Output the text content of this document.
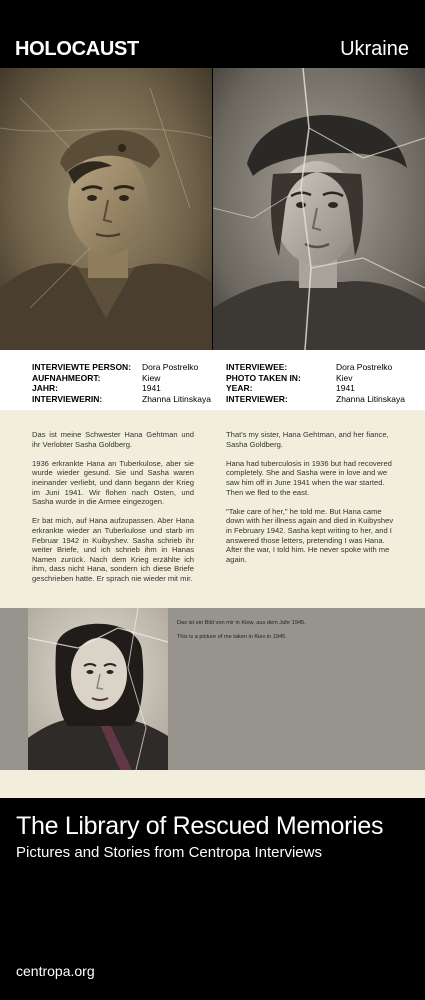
HOLOCAUST	Ukraine
INTERVIEWTE PERSON:	Dora Postrelko
AUFNAHMEORT:	Kiew
JAHR:	1941
INTERVIEWERIN:	Zhanna Litinskaya
INTERVIEWEE:	Dora Postrelko
PHOTO TAKEN IN:	Kiev
YEAR:	1941
INTERVIEWER:	Zhanna Litinskaya

Das ist meine Schwester Hana Gehtman und ihr Verlobter Sasha Goldberg.

1936 erkrankte Hana an Tuberkulose, aber sie wurde wieder gesund. Sie und Sasha waren ineinander verliebt, und dann begann der Krieg im Juni 1941. Wir flohen nach Osten, und Sasha wurde in die Armee eingezogen.

Er bat mich, auf Hana aufzupassen. Aber Hana erkrankte wieder an Tuberkulose und starb im Februar 1942 in Kuibyshev. Sasha schrieb ihr weiter Briefe, und ich schrieb ihm in Hanas Namen zurück. Nach dem Krieg erzählte ich ihm, dass nicht Hana, sondern ich diese Briefe geschrieben hatte. Er sprach nie wieder mit mir.

That's my sister, Hana Gehtman, and her fiance, Sasha Goldberg.

Hana had tuberculosis in 1936 but had recovered completely. She and Sasha were in love and we saw him off in June 1941 when the war started. Then we fled to the east.

"Take care of her," he told me. But Hana came down with her illness again and died in Kuibyshev in February 1942. Sasha kept writing to her, and I answered those letters, pretending I was Hana. After the war, I told him. He never spoke with me again.

Das ist ein Bild von mir in Kiew, aus dem Jahr 1945.
This is a picture of me taken in Kiev in 1945.
The Library of Rescued Memories
Pictures and Stories from Centropa Interviews
centropa.org
